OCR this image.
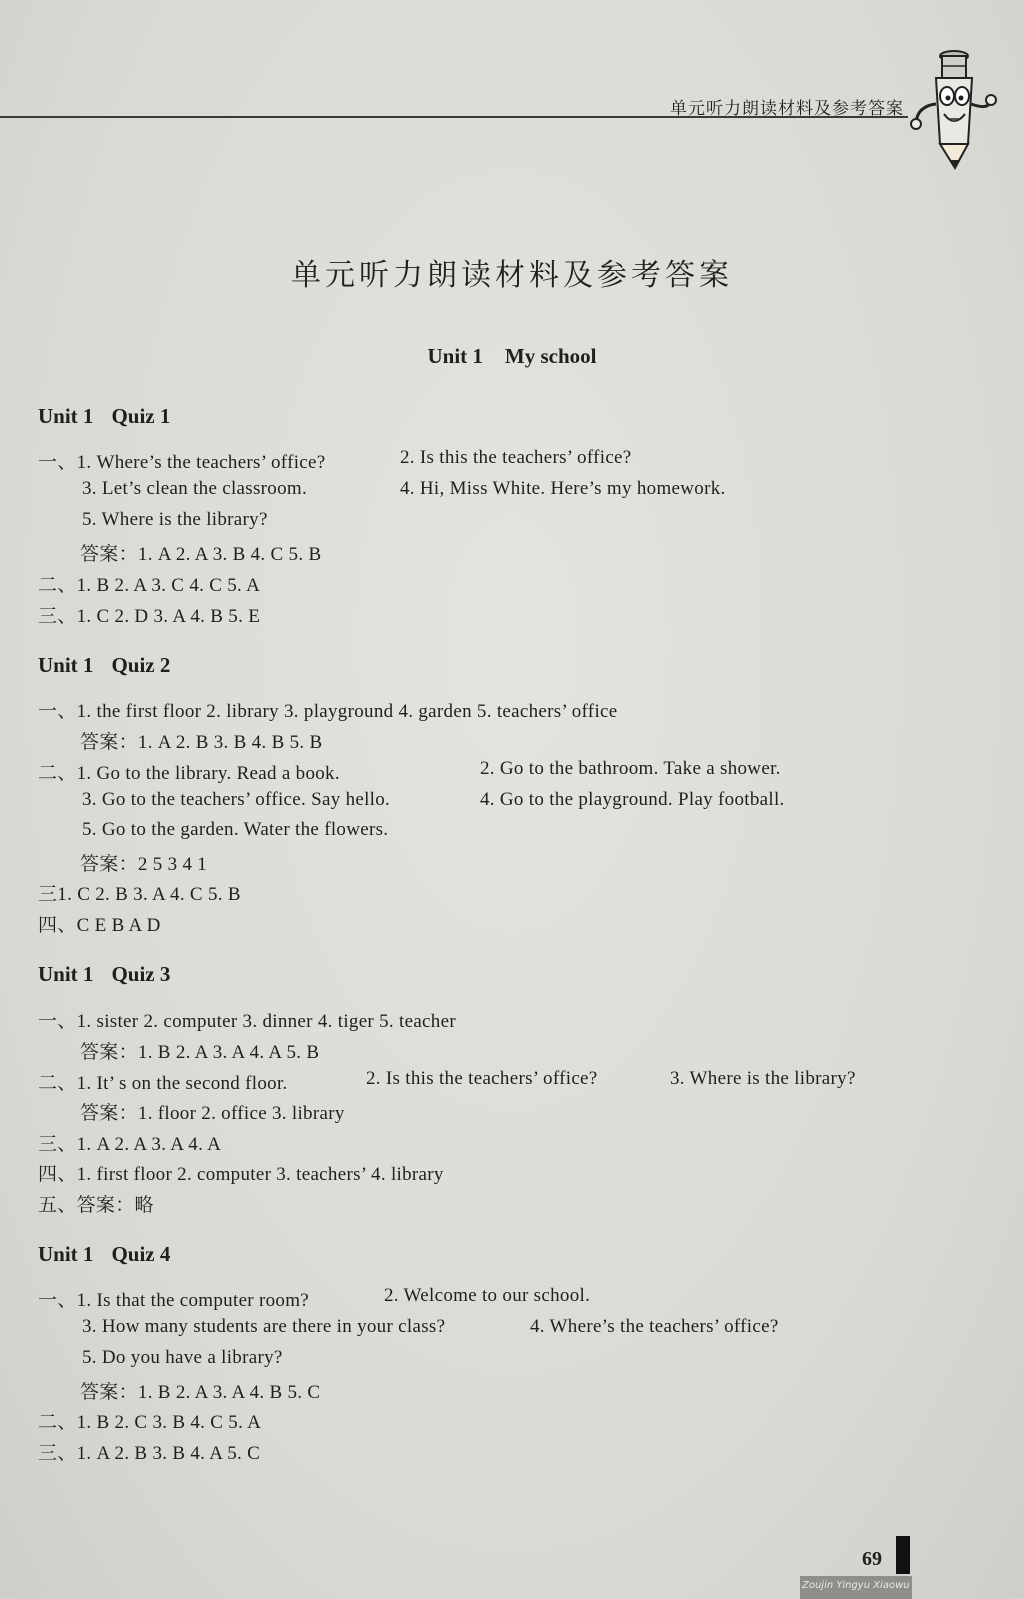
单元听力朗读材料及参考答案
单元听力朗读材料及参考答案
Unit 1 My school
Unit 1 Quiz 1
一、1. Where’s the teachers’ office?	2. Is this the teachers’ office?
3. Let’s clean the classroom.	4. Hi, Miss White. Here’s my homework.
5. Where is the library?
答案：1. A 2. A 3. B 4. C 5. B
二、1. B 2. A 3. C 4. C 5. A
三、1. C 2. D 3. A 4. B 5. E
Unit 1 Quiz 2
一、1. the first floor 2. library 3. playground 4. garden 5. teachers’ office
答案：1. A 2. B 3. B 4. B 5. B
二、1. Go to the library. Read a book.	2. Go to the bathroom. Take a shower.
3. Go to the teachers’ office. Say hello.	4. Go to the playground. Play football.
5. Go to the garden. Water the flowers.
答案：2 5 3 4 1
三1. C 2. B 3. A 4. C 5. B
四、C E B A D
Unit 1 Quiz 3
一、1. sister 2. computer 3. dinner 4. tiger 5. teacher
答案：1. B 2. A 3. A 4. A 5. B
二、1. It’ s on the second floor.	2. Is this the teachers’ office?	3. Where is the library?
答案：1. floor 2. office 3. library
三、1. A 2. A 3. A 4. A
四、1. first floor 2. computer 3. teachers’ 4. library
五、答案：略
Unit 1 Quiz 4
一、1. Is that the computer room?	2. Welcome to our school.
3. How many students are there in your class?	4. Where’s the teachers’ office?
5. Do you have a library?
答案：1. B 2. A 3. A 4. B 5. C
二、1. B 2. C 3. B 4. C 5. A
三、1. A 2. B 3. B 4. A 5. C
69
Zoujin Yingyu Xiaowu
